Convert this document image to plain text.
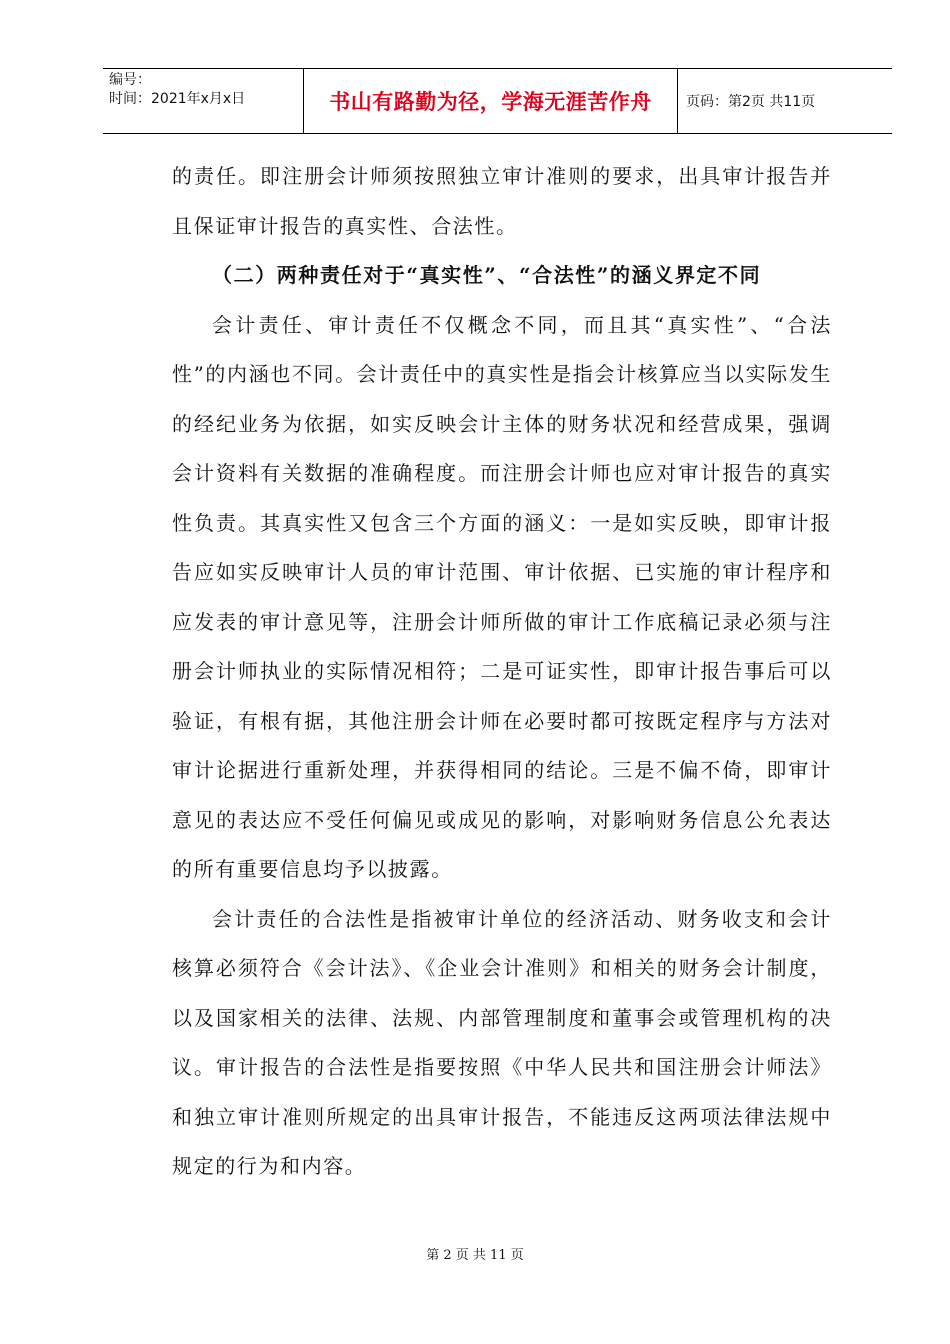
编号：
时间：2021年x月x日	书山有路勤为径，学海无涯苦作舟	页码：第2页 共11页

的责任。即注册会计师须按照独立审计准则的要求，出具审计报告并且保证审计报告的真实性、合法性。

（二）两种责任对于“真实性”、“合法性”的涵义界定不同

会计责任、审计责任不仅概念不同，而且其“真实性”、“合法性”的内涵也不同。会计责任中的真实性是指会计核算应当以实际发生的经纪业务为依据，如实反映会计主体的财务状况和经营成果，强调会计资料有关数据的准确程度。而注册会计师也应对审计报告的真实性负责。其真实性又包含三个方面的涵义：一是如实反映，即审计报告应如实反映审计人员的审计范围、审计依据、已实施的审计程序和应发表的审计意见等，注册会计师所做的审计工作底稿记录必须与注册会计师执业的实际情况相符；二是可证实性，即审计报告事后可以验证，有根有据，其他注册会计师在必要时都可按既定程序与方法对审计论据进行重新处理，并获得相同的结论。三是不偏不倚，即审计意见的表达应不受任何偏见或成见的影响，对影响财务信息公允表达的所有重要信息均予以披露。

会计责任的合法性是指被审计单位的经济活动、财务收支和会计核算必须符合《会计法》、《企业会计准则》和相关的财务会计制度，以及国家相关的法律、法规、内部管理制度和董事会或管理机构的决议。审计报告的合法性是指要按照《中华人民共和国注册会计师法》和独立审计准则所规定的出具审计报告，不能违反这两项法律法规中规定的行为和内容。

第 2 页 共 11 页
